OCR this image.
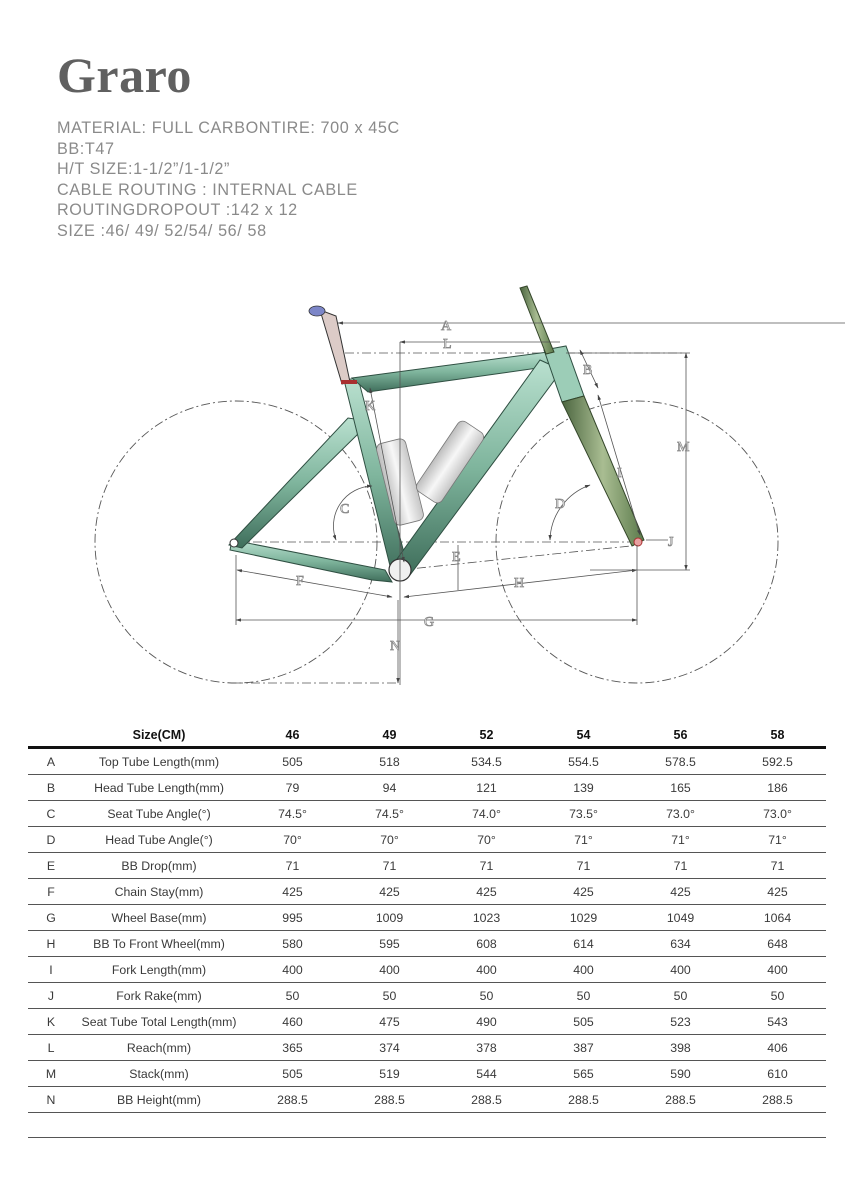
Graro
MATERIAL: FULL CARBONTIRE: 700 x 45C
BB:T47
H/T SIZE:1-1/2”/1-1/2”
CABLE ROUTING : INTERNAL CABLE
ROUTINGDROPOUT :142 x 12
SIZE :46/ 49/ 52/54/ 56/ 58
A
L
B
K
M
I
C	D
J
E
F	H
G
N
	Size(CM)	46	49	52	54	56	58
A	Top Tube Length(mm)	505	518	534.5	554.5	578.5	592.5
B	Head Tube Length(mm)	79	94	121	139	165	186
C	Seat Tube Angle(°)	74.5°	74.5°	74.0°	73.5°	73.0°	73.0°
D	Head Tube Angle(°)	70°	70°	70°	71°	71°	71°
E	BB Drop(mm)	71	71	71	71	71	71
F	Chain Stay(mm)	425	425	425	425	425	425
G	Wheel Base(mm)	995	1009	1023	1029	1049	1064
H	BB To Front Wheel(mm)	580	595	608	614	634	648
I	Fork Length(mm)	400	400	400	400	400	400
J	Fork Rake(mm)	50	50	50	50	50	50
K	Seat Tube Total Length(mm)	460	475	490	505	523	543
L	Reach(mm)	365	374	378	387	398	406
M	Stack(mm)	505	519	544	565	590	610
N	BB Height(mm)	288.5	288.5	288.5	288.5	288.5	288.5
